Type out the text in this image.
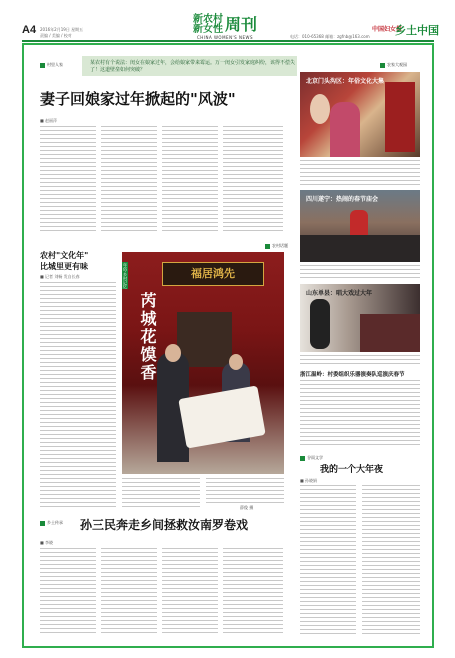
A4 2016年2月19日 星期五
责编 / 美编 / 校对
新农村
新女性 周刊
CHINA WOMEN'S NEWS	电话：010-65368 邮箱：zgfnb@163.com
中国妇女报
乡土中国
村里人家	某农村有个说法：闺女在娘家过年，会给娘家带来霉运。万一闺女引发家庭纠纷，该得不偿失了！这道壁垒如何突破？
妻子回娘家过年掀起的"风波"
■ 赵丽萍
农家大观园
北京门头沟区：年俗文化大集
四川遂宁：热闹的春节庙会
山东单县：唱大戏过大年
浙江温岭：村委组织乐器演奏队巡演庆春节
谷雨文学
我的一个大年夜
■ 孙晓娟
农村话题
农村"文化年"
比城里更有味
■ 记者 刘畅 发自长春	福居鸿先
芮城花馍香
年俗·乡村记忆
薛俊 摄
乡土传承 孙三民奔走乡间拯救汝南罗卷戏
■ 李晓
